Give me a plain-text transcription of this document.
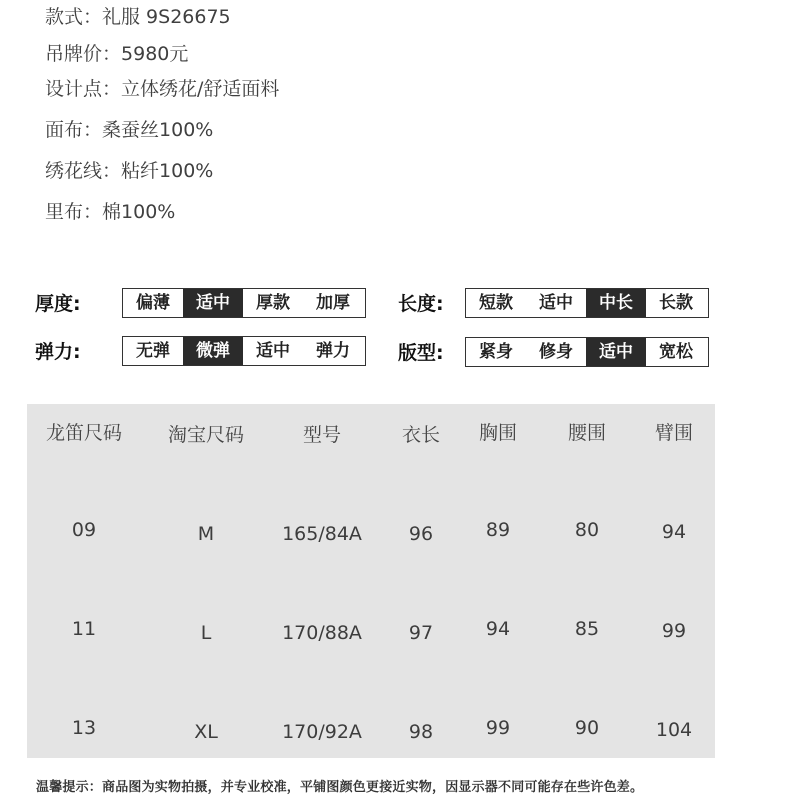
款式：礼服 9S26675
吊牌价：5980元
设计点：立体绣花/舒适面料
面布：桑蚕丝100%
绣花线：粘纤100%
里布：棉100%
厚度:	偏薄	适中	厚款	加厚	长度:	短款	适中	中长	长款
弹力:	无弹	微弹	适中	弹力	版型:	紧身	修身	适中	宽松
龙笛尺码 淘宝尺码	型号	衣长 胸围	腰围	臂围
09	M	165/84A 96	89	80	94
11	L	170/88A 97	94	85	99
13	XL	170/92A 98	99	90	104
温馨提示：商品图为实物拍摄，并专业校准，平铺图颜色更接近实物，因显示器不同可能存在些许色差。
